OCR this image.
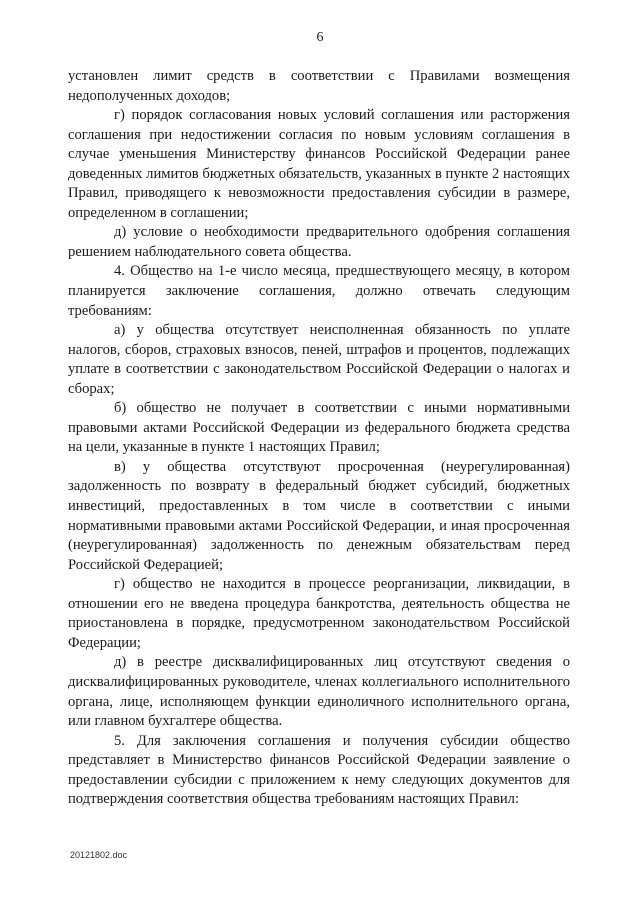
6

установлен лимит средств в соответствии с Правилами возмещения недополученных доходов;

г) порядок согласования новых условий соглашения или расторжения соглашения при недостижении согласия по новым условиям соглашения в случае уменьшения Министерству финансов Российской Федерации ранее доведенных лимитов бюджетных обязательств, указанных в пункте 2 настоящих Правил, приводящего к невозможности предоставления субсидии в размере, определенном в соглашении;

д) условие о необходимости предварительного одобрения соглашения решением наблюдательного совета общества.

4. Общество на 1-е число месяца, предшествующего месяцу, в котором планируется заключение соглашения, должно отвечать следующим требованиям:

а) у общества отсутствует неисполненная обязанность по уплате налогов, сборов, страховых взносов, пеней, штрафов и процентов, подлежащих уплате в соответствии с законодательством Российской Федерации о налогах и сборах;

б) общество не получает в соответствии с иными нормативными правовыми актами Российской Федерации из федерального бюджета средства на цели, указанные в пункте 1 настоящих Правил;

в) у общества отсутствуют просроченная (неурегулированная) задолженность по возврату в федеральный бюджет субсидий, бюджетных инвестиций, предоставленных в том числе в соответствии с иными нормативными правовыми актами Российской Федерации, и иная просроченная (неурегулированная) задолженность по денежным обязательствам перед Российской Федерацией;

г) общество не находится в процессе реорганизации, ликвидации, в отношении его не введена процедура банкротства, деятельность общества не приостановлена в порядке, предусмотренном законодательством Российской Федерации;

д) в реестре дисквалифицированных лиц отсутствуют сведения о дисквалифицированных руководителе, членах коллегиального исполнительного органа, лице, исполняющем функции единоличного исполнительного органа, или главном бухгалтере общества.

5. Для заключения соглашения и получения субсидии общество представляет в Министерство финансов Российской Федерации заявление о предоставлении субсидии с приложением к нему следующих документов для подтверждения соответствия общества требованиям настоящих Правил:

20121802.doc
